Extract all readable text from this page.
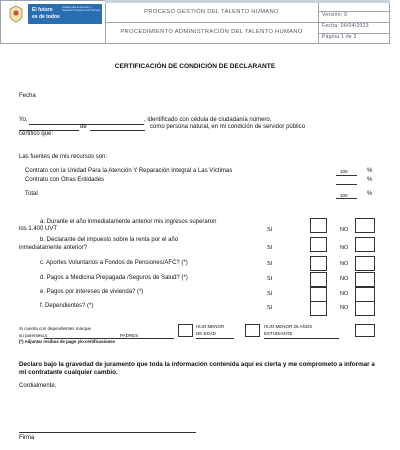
El futuro
es de todos
Unidad para la atención y reparación integral a las víctimas	PROCESO GESTIÓN DEL TALENTO HUMANO
PROCEDIMIENTO ADMINISTRACIÓN DEL TALENTO HUMANO
Versión: 9
Fecha: 06/04/2023
Página 1 de 2
CERTIFICACIÓN DE CONDICIÓN DE DECLARANTE
Fecha
Yo,	, identificado con cédula de ciudadanía número,
de	como persona natural, en mi condición de servidor público
certifico que:
Las fuentes de mis recursos son:
Contrato con la Unidad Para la Atención Y Reparación Integral a Las Víctimas	100	%
Contrato con Otras Entidades	%
Total	100	%
a. Durante el año inmediatamente anterior mis ingresos superaron
los 1.400 UVT	SI	NO
b. Declarante del impuesto sobre la renta por el año
inmediatamente anterior?	SI	NO
c. Aportes Voluntarios a Fondos de Pensiones/AFC? (*)	SI	NO
d. Pagos a Medicina Prepagada /Seguros de Salud? (*)	SI	NO
e. Pagos por intereses de vivienda? (*)	SI	NO
f. Dependientes? (*)	SI	NO
Si cuenta con dependientes marque
su parentesco	PADRES
HIJO MENOR
DE EDAD
HIJO MENOR 25 AÑOS
ESTUDIANTE
(*) Adjuntar recibos de pago y/o certificaciones
Declaro bajo la gravedad de juramento que toda la información contenida aquí es cierta y me comprometo a informar a mi contratante cualquier cambio.
Cordialmente,
Firma
